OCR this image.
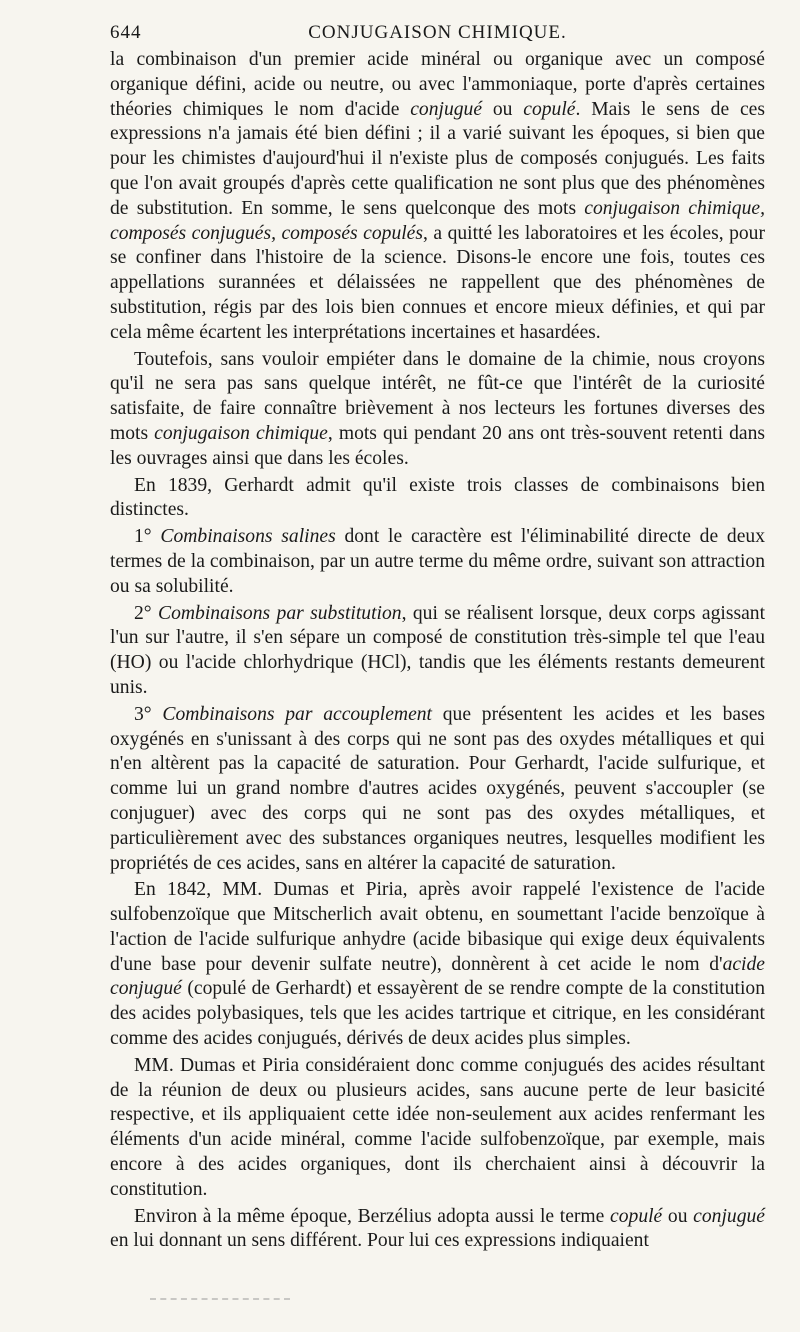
644	CONJUGAISON CHIMIQUE.

la combinaison d'un premier acide minéral ou organique avec un composé organique défini, acide ou neutre, ou avec l'ammoniaque, porte d'après certaines théories chimiques le nom d'acide conjugué ou copulé. Mais le sens de ces expressions n'a jamais été bien défini ; il a varié suivant les époques, si bien que pour les chimistes d'aujourd'hui il n'existe plus de composés conjugués. Les faits que l'on avait groupés d'après cette qualification ne sont plus que des phénomènes de substitution. En somme, le sens quelconque des mots conjugaison chimique, composés conjugués, composés copulés, a quitté les laboratoires et les écoles, pour se confiner dans l'histoire de la science. Disons-le encore une fois, toutes ces appellations surannées et délaissées ne rappellent que des phénomènes de substitution, régis par des lois bien connues et encore mieux définies, et qui par cela même écartent les interprétations incertaines et hasardées.

Toutefois, sans vouloir empiéter dans le domaine de la chimie, nous croyons qu'il ne sera pas sans quelque intérêt, ne fût-ce que l'intérêt de la curiosité satisfaite, de faire connaître brièvement à nos lecteurs les fortunes diverses des mots conjugaison chimique, mots qui pendant 20 ans ont très-souvent retenti dans les ouvrages ainsi que dans les écoles.

En 1839, Gerhardt admit qu'il existe trois classes de combinaisons bien distinctes.

1° Combinaisons salines dont le caractère est l'éliminabilité directe de deux termes de la combinaison, par un autre terme du même ordre, suivant son attraction ou sa solubilité.

2° Combinaisons par substitution, qui se réalisent lorsque, deux corps agissant l'un sur l'autre, il s'en sépare un composé de constitution très-simple tel que l'eau (HO) ou l'acide chlorhydrique (HCl), tandis que les éléments restants demeurent unis.

3° Combinaisons par accouplement que présentent les acides et les bases oxygénés en s'unissant à des corps qui ne sont pas des oxydes métalliques et qui n'en altèrent pas la capacité de saturation. Pour Gerhardt, l'acide sulfurique, et comme lui un grand nombre d'autres acides oxygénés, peuvent s'accoupler (se conjuguer) avec des corps qui ne sont pas des oxydes métalliques, et particulièrement avec des substances organiques neutres, lesquelles modifient les propriétés de ces acides, sans en altérer la capacité de saturation.

En 1842, MM. Dumas et Piria, après avoir rappelé l'existence de l'acide sulfobenzoïque que Mitscherlich avait obtenu, en soumettant l'acide benzoïque à l'action de l'acide sulfurique anhydre (acide bibasique qui exige deux équivalents d'une base pour devenir sulfate neutre), donnèrent à cet acide le nom d'acide conjugué (copulé de Gerhardt) et essayèrent de se rendre compte de la constitution des acides polybasiques, tels que les acides tartrique et citrique, en les considérant comme des acides conjugués, dérivés de deux acides plus simples.

MM. Dumas et Piria considéraient donc comme conjugués des acides résultant de la réunion de deux ou plusieurs acides, sans aucune perte de leur basicité respective, et ils appliquaient cette idée non-seulement aux acides renfermant les éléments d'un acide minéral, comme l'acide sulfobenzoïque, par exemple, mais encore à des acides organiques, dont ils cherchaient ainsi à découvrir la constitution.

Environ à la même époque, Berzélius adopta aussi le terme copulé ou conjugué en lui donnant un sens différent. Pour lui ces expressions indiquaient
